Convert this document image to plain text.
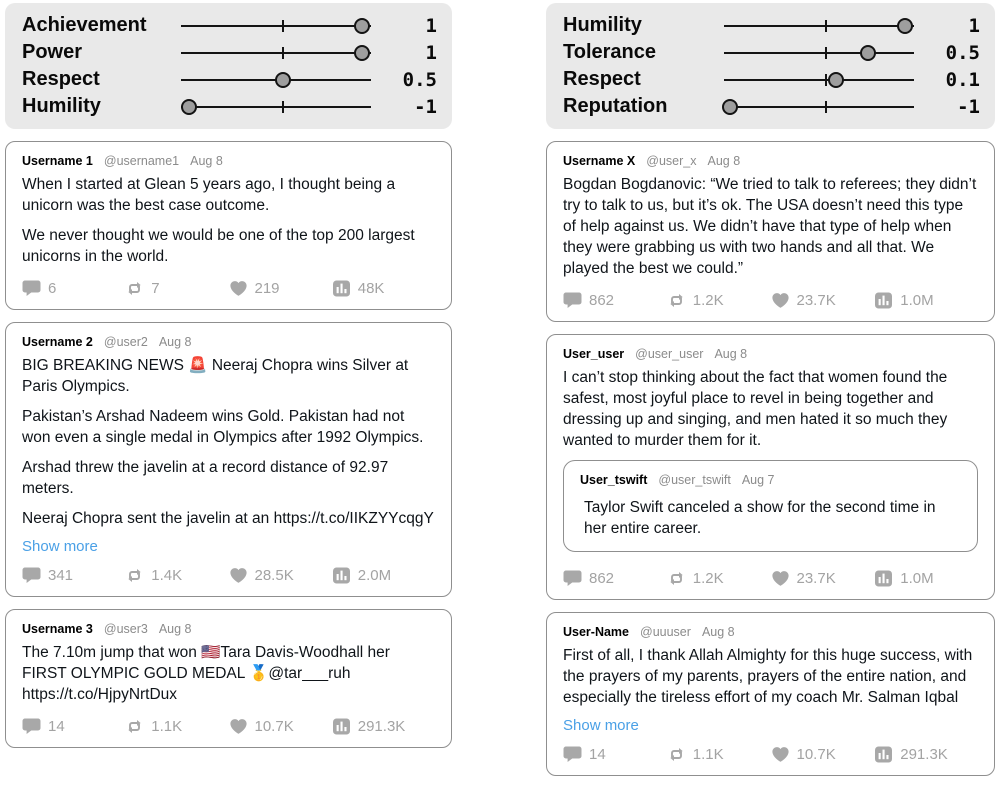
Achievement	1
Power	1
Respect	0.5
Humility	-1
Username 1 @username1 Aug 8

When I started at Glean 5 years ago, I thought being a unicorn was the best case outcome.

We never thought we would be one of the top 200 largest unicorns in the world.

6	7	219	48K
Username 2 @user2 Aug 8

BIG BREAKING NEWS 🚨 Neeraj Chopra wins Silver at Paris Olympics.

Pakistan’s Arshad Nadeem wins Gold. Pakistan had not won even a single medal in Olympics after 1992 Olympics.

Arshad threw the javelin at a record distance of 92.97 meters.

Neeraj Chopra sent the javelin at an https://t.co/IIKZYYcqgY

Show more
341	1.4K	28.5K	2.0M
Username 3 @user3 Aug 8

The 7.10m jump that won 🇺🇸Tara Davis-Woodhall her FIRST OLYMPIC GOLD MEDAL 🥇@tar___ruh https://t.co/HjpyNrtDux

14	1.1K	10.7K	291.3K
Humility	1
Tolerance	0.5
Respect	0.1
Reputation	-1
Username X @user_x Aug 8

Bogdan Bogdanovic: “We tried to talk to referees; they didn’t try to talk to us, but it’s ok. The USA doesn’t need this type of help against us. We didn’t have that type of help when they were grabbing us with two hands and all that. We played the best we could.”

862	1.2K	23.7K	1.0M
User_user @user_user Aug 8

I can’t stop thinking about the fact that women found the safest, most joyful place to revel in being together and dressing up and singing, and men hated it so much they wanted to murder them for it.

User_tswift @user_tswift Aug 7

Taylor Swift canceled a show for the second time in her entire career.

862	1.2K	23.7K	1.0M
User-Name @uuuser Aug 8

First of all, I thank Allah Almighty for this huge success, with the prayers of my parents, prayers of the entire nation, and especially the tireless effort of my coach Mr. Salman Iqbal

Show more
14	1.1K	10.7K	291.3K
